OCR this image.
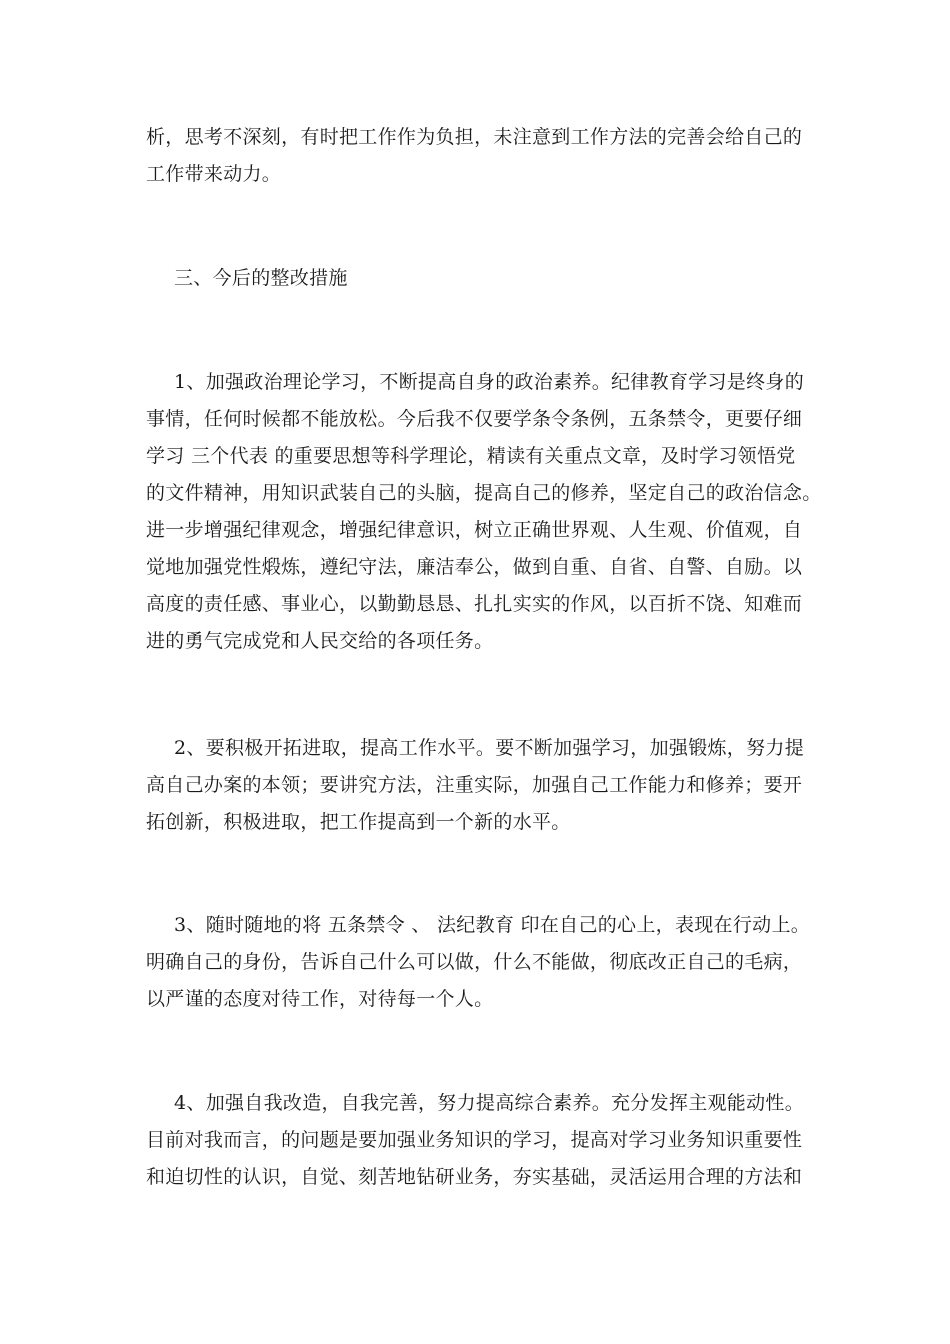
析，思考不深刻，有时把工作作为负担，未注意到工作方法的完善会给自己的
工作带来动力。
三、今后的整改措施
1、加强政治理论学习，不断提高自身的政治素养。纪律教育学习是终身的
事情，任何时候都不能放松。今后我不仅要学条令条例，五条禁令，更要仔细
学习 三个代表 的重要思想等科学理论，精读有关重点文章，及时学习领悟党
的文件精神，用知识武装自己的头脑，提高自己的修养，坚定自己的政治信念。
进一步增强纪律观念，增强纪律意识，树立正确世界观、人生观、价值观，自
觉地加强党性煅炼，遵纪守法，廉洁奉公，做到自重、自省、自警、自励。以
高度的责任感、事业心，以勤勤恳恳、扎扎实实的作风，以百折不饶、知难而
进的勇气完成党和人民交给的各项任务。
2、要积极开拓进取，提高工作水平。要不断加强学习，加强锻炼，努力提
高自己办案的本领；要讲究方法，注重实际，加强自己工作能力和修养；要开
拓创新，积极进取，把工作提高到一个新的水平。
3、随时随地的将 五条禁令 、 法纪教育 印在自己的心上，表现在行动上。
明确自己的身份，告诉自己什么可以做，什么不能做，彻底改正自己的毛病，
以严谨的态度对待工作，对待每一个人。
4、加强自我改造，自我完善，努力提高综合素养。充分发挥主观能动性。
目前对我而言，的问题是要加强业务知识的学习，提高对学习业务知识重要性
和迫切性的认识，自觉、刻苦地钻研业务，夯实基础，灵活运用合理的方法和
